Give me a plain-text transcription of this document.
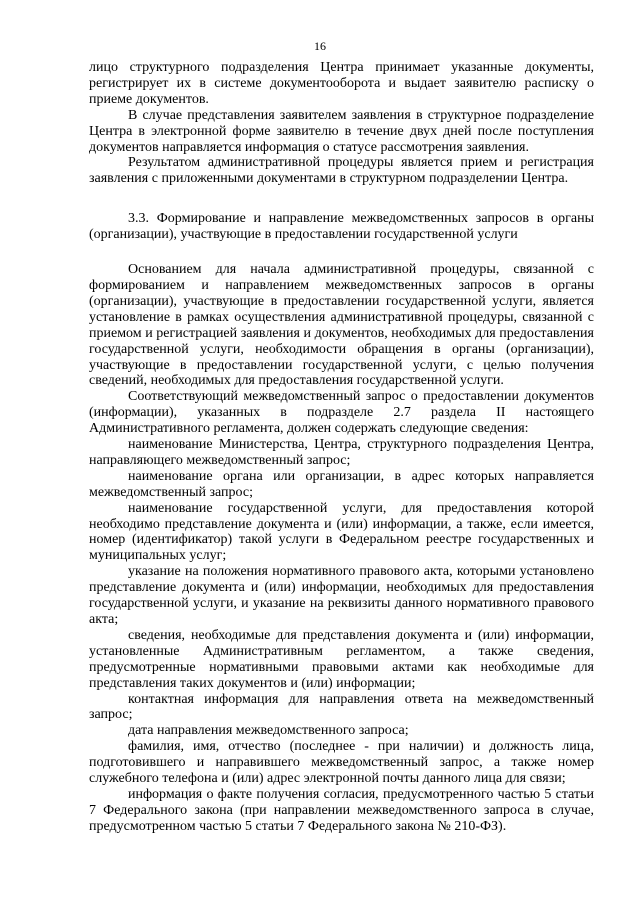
16

лицо структурного подразделения Центра принимает указанные документы, регистрирует их в системе документооборота и выдает заявителю расписку о приеме документов.

В случае представления заявителем заявления в структурное подразделение Центра в электронной форме заявителю в течение двух дней после поступления документов направляется информация о статусе рассмотрения заявления.

Результатом административной процедуры является прием и регистрация заявления с приложенными документами в структурном подразделении Центра.

3.3. Формирование и направление межведомственных запросов в органы (организации), участвующие в предоставлении государственной услуги

Основанием для начала административной процедуры, связанной с формированием и направлением межведомственных запросов в органы (организации), участвующие в предоставлении государственной услуги, является установление в рамках осуществления административной процедуры, связанной с приемом и регистрацией заявления и документов, необходимых для предоставления государственной услуги, необходимости обращения в органы (организации), участвующие в предоставлении государственной услуги, с целью получения сведений, необходимых для предоставления государственной услуги.

Соответствующий межведомственный запрос о предоставлении документов (информации), указанных в подразделе 2.7 раздела II настоящего Административного регламента, должен содержать следующие сведения:

наименование Министерства, Центра, структурного подразделения Центра, направляющего межведомственный запрос;

наименование органа или организации, в адрес которых направляется межведомственный запрос;

наименование государственной услуги, для предоставления которой необходимо представление документа и (или) информации, а также, если имеется, номер (идентификатор) такой услуги в Федеральном реестре государственных и муниципальных услуг;

указание на положения нормативного правового акта, которыми установлено представление документа и (или) информации, необходимых для предоставления государственной услуги, и указание на реквизиты данного нормативного правового акта;

сведения, необходимые для представления документа и (или) информации, установленные Административным регламентом, а также сведения, предусмотренные нормативными правовыми актами как необходимые для представления таких документов и (или) информации;

контактная информация для направления ответа на межведомственный запрос;

дата направления межведомственного запроса;

фамилия, имя, отчество (последнее - при наличии) и должность лица, подготовившего и направившего межведомственный запрос, а также номер служебного телефона и (или) адрес электронной почты данного лица для связи;

информация о факте получения согласия, предусмотренного частью 5 статьи 7 Федерального закона (при направлении межведомственного запроса в случае, предусмотренном частью 5 статьи 7 Федерального закона № 210-ФЗ).
